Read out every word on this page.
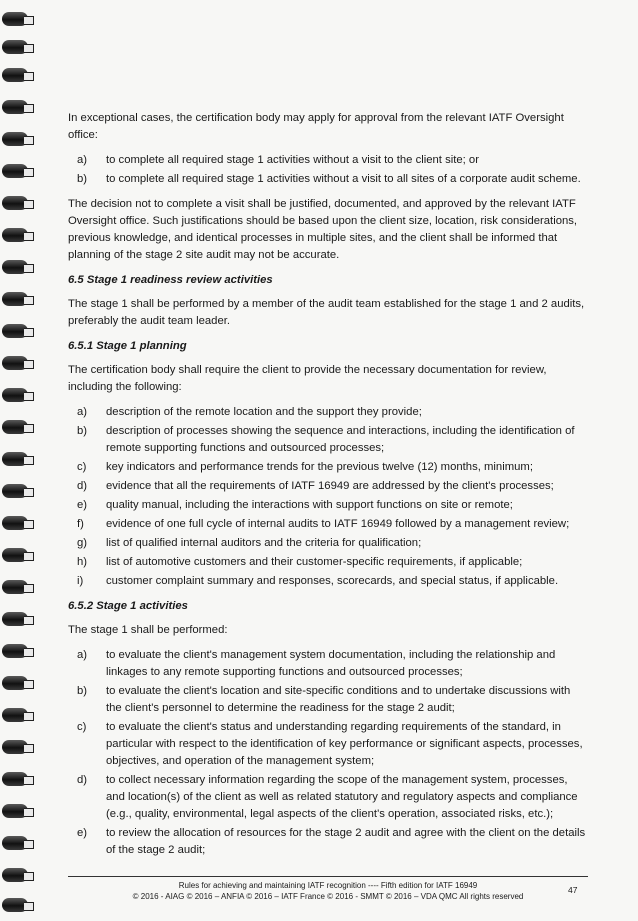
In exceptional cases, the certification body may apply for approval from the relevant IATF Oversight office:

a)	to complete all required stage 1 activities without a visit to the client site; or
b)	to complete all required stage 1 activities without a visit to all sites of a corporate audit scheme.

The decision not to complete a visit shall be justified, documented, and approved by the relevant IATF Oversight office. Such justifications should be based upon the client size, location, risk considerations, previous knowledge, and identical processes in multiple sites, and the client shall be informed that planning of the stage 2 site audit may not be accurate.

6.5 Stage 1 readiness review activities

The stage 1 shall be performed by a member of the audit team established for the stage 1 and 2 audits, preferably the audit team leader.

6.5.1 Stage 1 planning

The certification body shall require the client to provide the necessary documentation for review, including the following:

a)	description of the remote location and the support they provide;
b)	description of processes showing the sequence and interactions, including the identification of remote supporting functions and outsourced processes;
c)	key indicators and performance trends for the previous twelve (12) months, minimum;
d)	evidence that all the requirements of IATF 16949 are addressed by the client's processes;
e)	quality manual, including the interactions with support functions on site or remote;
f)	evidence of one full cycle of internal audits to IATF 16949 followed by a management review;
g)	list of qualified internal auditors and the criteria for qualification;
h)	list of automotive customers and their customer-specific requirements, if applicable;
i)	customer complaint summary and responses, scorecards, and special status, if applicable.

6.5.2 Stage 1 activities

The stage 1 shall be performed:

a)	to evaluate the client's management system documentation, including the relationship and linkages to any remote supporting functions and outsourced processes;
b)	to evaluate the client's location and site-specific conditions and to undertake discussions with the client's personnel to determine the readiness for the stage 2 audit;
c)	to evaluate the client's status and understanding regarding requirements of the standard, in particular with respect to the identification of key performance or significant aspects, processes, objectives, and operation of the management system;
d)	to collect necessary information regarding the scope of the management system, processes, and location(s) of the client as well as related statutory and regulatory aspects and compliance (e.g., quality, environmental, legal aspects of the client's operation, associated risks, etc.);
e)	to review the allocation of resources for the stage 2 audit and agree with the client on the details of the stage 2 audit;
Rules for achieving and maintaining IATF recognition ---- Fifth edition for IATF 16949
© 2016 - AIAG © 2016 – ANFIA © 2016 – IATF France © 2016 - SMMT © 2016 – VDA QMC All rights reserved
47
